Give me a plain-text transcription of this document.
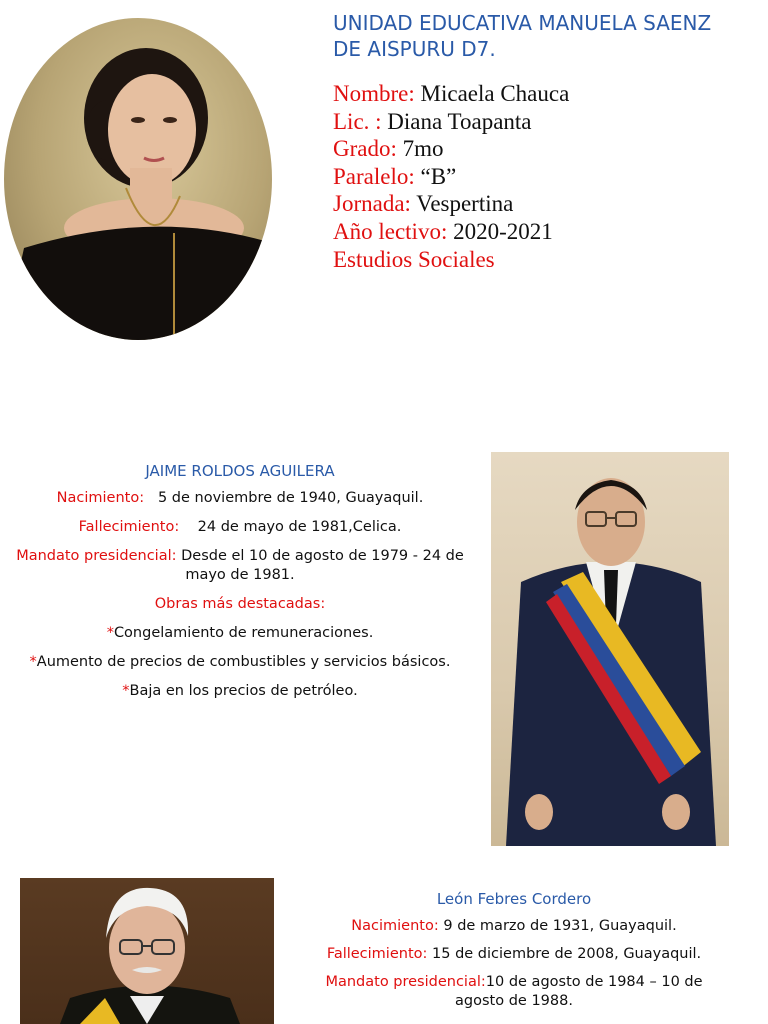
UNIDAD EDUCATIVA MANUELA SAENZ
DE AISPURU D7.
Nombre: Micaela Chauca
Lic. : Diana Toapanta
Grado: 7mo
Paralelo: “B”
Jornada: Vespertina
Año lectivo: 2020-2021
Estudios Sociales
JAIME ROLDOS AGUILERA
Nacimiento: 5 de noviembre de 1940, Guayaquil.
Fallecimiento: 24 de mayo de 1981,Celica.
Mandato presidencial: Desde el 10 de agosto de 1979 - 24 de mayo de 1981.
Obras más destacadas:
*Congelamiento de remuneraciones.
*Aumento de precios de combustibles y servicios básicos.
*Baja en los precios de petróleo.
León Febres Cordero
Nacimiento: 9 de marzo de 1931, Guayaquil.
Fallecimiento: 15 de diciembre de 2008, Guayaquil.
Mandato presidencial:10 de agosto de 1984 – 10 de agosto de 1988.
